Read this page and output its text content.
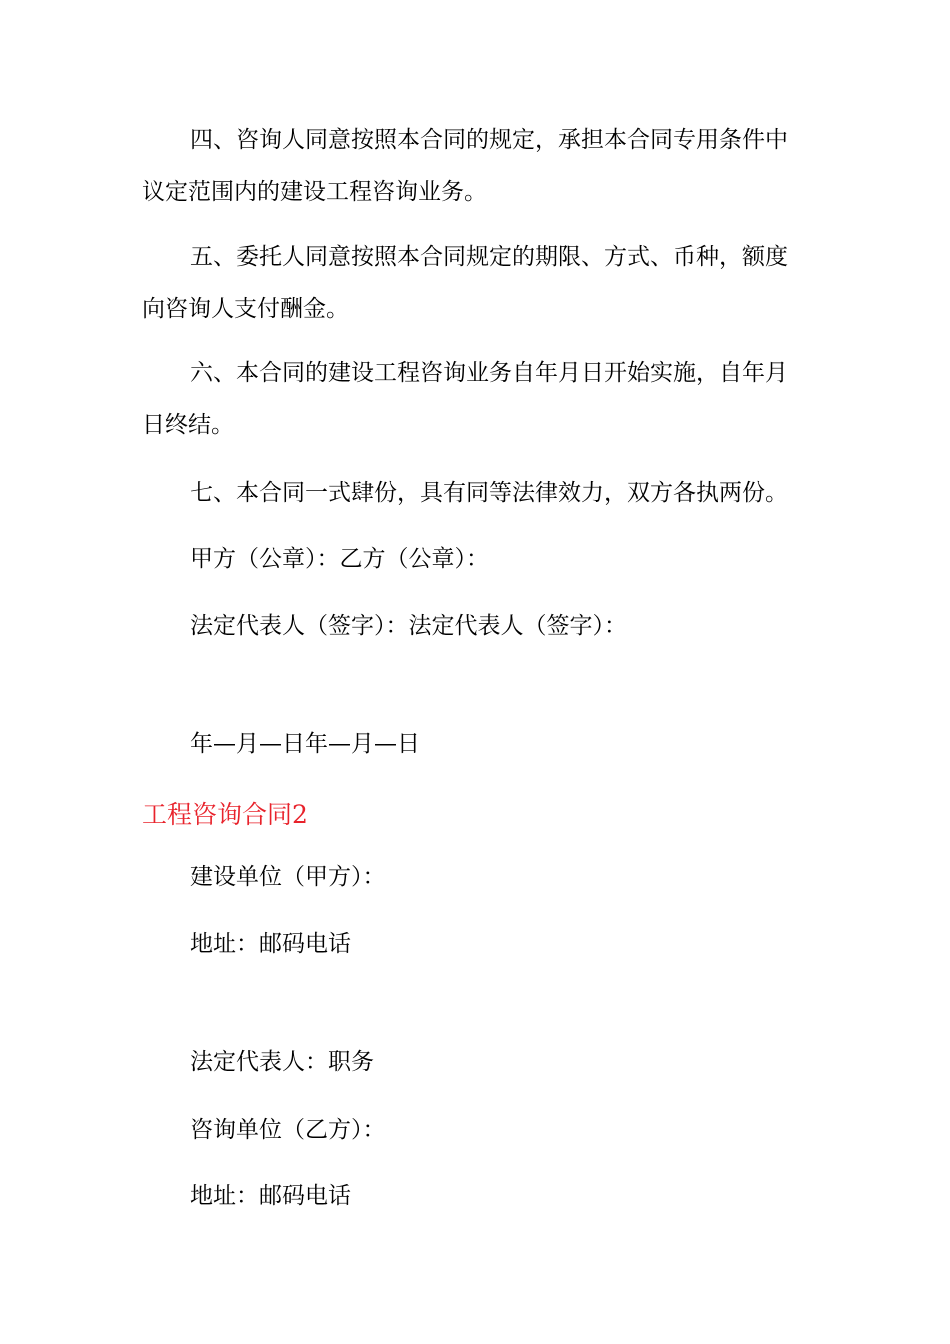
四、咨询人同意按照本合同的规定，承担本合同专用条件中

议定范围内的建设工程咨询业务。

五、委托人同意按照本合同规定的期限、方式、币种，额度

向咨询人支付酬金。

六、本合同的建设工程咨询业务自年月日开始实施，自年月

日终结。

七、本合同一式肆份，具有同等法律效力，双方各执两份。

甲方（公章）：乙方（公章）：

法定代表人（签字）：法定代表人（签字）：

年—月—日年—月—日

工程咨询合同2

建设单位（甲方）：

地址：邮码电话

法定代表人：职务

咨询单位（乙方）：

地址：邮码电话
